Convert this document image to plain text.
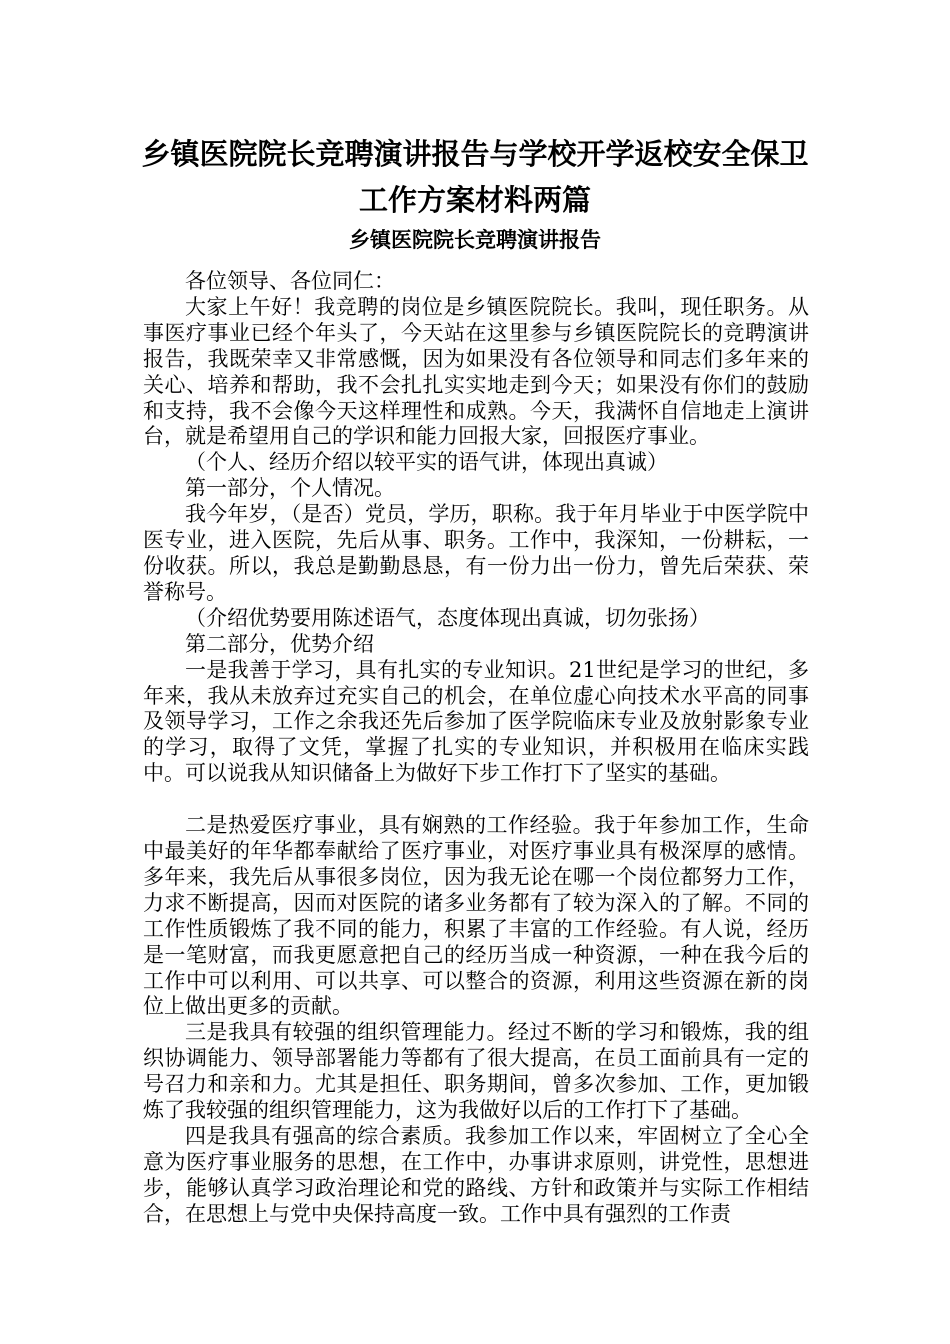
乡镇医院院长竞聘演讲报告与学校开学返校安全保卫
工作方案材料两篇
乡镇医院院长竞聘演讲报告

各位领导、各位同仁：

大家上午好！我竞聘的岗位是乡镇医院院长。我叫，现任职务。从事医疗事业已经个年头了，今天站在这里参与乡镇医院院长的竞聘演讲报告，我既荣幸又非常感慨，因为如果没有各位领导和同志们多年来的关心、培养和帮助，我不会扎扎实实地走到今天；如果没有你们的鼓励和支持，我不会像今天这样理性和成熟。今天，我满怀自信地走上演讲台，就是希望用自己的学识和能力回报大家，回报医疗事业。

（个人、经历介绍以较平实的语气讲，体现出真诚）

第一部分，个人情况。

我今年岁，（是否）党员，学历，职称。我于年月毕业于中医学院中医专业，进入医院，先后从事、职务。工作中，我深知，一份耕耘，一份收获。所以，我总是勤勤恳恳，有一份力出一份力，曾先后荣获、荣誉称号。

（介绍优势要用陈述语气，态度体现出真诚，切勿张扬）

第二部分，优势介绍

一是我善于学习，具有扎实的专业知识。21世纪是学习的世纪，多年来，我从未放弃过充实自己的机会，在单位虚心向技术水平高的同事及领导学习，工作之余我还先后参加了医学院临床专业及放射影象专业的学习，取得了文凭，掌握了扎实的专业知识，并积极用在临床实践中。可以说我从知识储备上为做好下步工作打下了坚实的基础。

二是热爱医疗事业，具有娴熟的工作经验。我于年参加工作，生命中最美好的年华都奉献给了医疗事业，对医疗事业具有极深厚的感情。多年来，我先后从事很多岗位，因为我无论在哪一个岗位都努力工作，力求不断提高，因而对医院的诸多业务都有了较为深入的了解。不同的工作性质锻炼了我不同的能力，积累了丰富的工作经验。有人说，经历是一笔财富，而我更愿意把自己的经历当成一种资源，一种在我今后的工作中可以利用、可以共享、可以整合的资源，利用这些资源在新的岗位上做出更多的贡献。

三是我具有较强的组织管理能力。经过不断的学习和锻炼，我的组织协调能力、领导部署能力等都有了很大提高，在员工面前具有一定的号召力和亲和力。尤其是担任、职务期间，曾多次参加、工作，更加锻炼了我较强的组织管理能力，这为我做好以后的工作打下了基础。

四是我具有强高的综合素质。我参加工作以来，牢固树立了全心全意为医疗事业服务的思想，在工作中，办事讲求原则，讲党性，思想进步，能够认真学习政治理论和党的路线、方针和政策并与实际工作相结合，在思想上与党中央保持高度一致。工作中具有强烈的工作责
